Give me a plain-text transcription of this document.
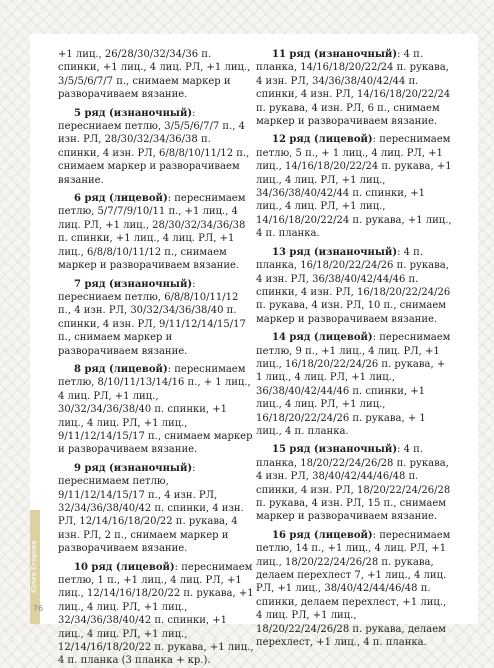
+1 лиц., 26/28/30/32/34/36 п. спинки, +1 лиц., 4 лиц. РЛ, +1 лиц., 3/5/5/6/7/7 п., снимаем маркер и разворачиваем вязание.

5 ряд (изнаночный): пересниаем петлю, 3/5/5/6/7/7 п., 4 изн. РЛ, 28/30/32/34/36/38 п. спинки, 4 изн. РЛ, 6/8/8/10/11/12 п., снимаем маркер и разворачиваем вязание.

6 ряд (лицевой): переснимаем петлю, 5/7/7/9/10/11 п., +1 лиц., 4 лиц. РЛ, +1 лиц., 28/30/32/34/36/38 п. спинки, +1 лиц., 4 лиц. РЛ, +1 лиц., 6/8/8/10/11/12 п., снимаем маркер и разворачиваем вязание.

7 ряд (изнаночный): пересниаем петлю, 6/8/8/10/11/12 п., 4 изн. РЛ, 30/32/34/36/38/40 п. спинки, 4 изн. РЛ, 9/11/12/14/15/17 п., снимаем маркер и разворачиваем вязание.

8 ряд (лицевой): переснимаем петлю, 8/10/11/13/14/16 п., + 1 лиц., 4 лиц. РЛ, +1 лиц., 30/32/34/36/38/40 п. спинки, +1 лиц., 4 лиц. РЛ, +1 лиц., 9/11/12/14/15/17 п., снимаем маркер и разворачиваем вязание.

9 ряд (изнаночный): переснимаем петлю, 9/11/12/14/15/17 п., 4 изн. РЛ, 32/34/36/38/40/42 п. спинки, 4 изн. РЛ, 12/14/16/18/20/22 п. рукава, 4 изн. РЛ, 2 п., снимаем маркер и разворачиваем вязание.

10 ряд (лицевой): переснимаем петлю, 1 п., +1 лиц., 4 лиц. РЛ, +1 лиц., 12/14/16/18/20/22 п. рукава, +1 лиц., 4 лиц. РЛ, +1 лиц., 32/34/36/38/40/42 п. спинки, +1 лиц., 4 лиц. РЛ, +1 лиц., 12/14/16/18/20/22 п. рукава, +1 лиц., 4 п. планка (3 планка + кр.).

11 ряд (изнаночный): 4 п. планка, 14/16/18/20/22/24 п. рукава, 4 изн. РЛ, 34/36/38/40/42/44 п. спинки, 4 изн. РЛ, 14/16/18/20/22/24 п. рукава, 4 изн. РЛ, 6 п., снимаем маркер и разворачиваем вязание.

12 ряд (лицевой): переснимаем петлю, 5 п., + 1 лиц., 4 лиц. РЛ, +1 лиц., 14/16/18/20/22/24 п. рукава, +1 лиц., 4 лиц. РЛ, +1 лиц., 34/36/38/40/42/44 п. спинки, +1 лиц., 4 лиц. РЛ, +1 лиц., 14/16/18/20/22/24 п. рукава, +1 лиц., 4 п. планка.

13 ряд (изнаночный): 4 п. планка, 16/18/20/22/24/26 п. рукава, 4 изн. РЛ, 36/38/40/42/44/46 п. спинки, 4 изн. РЛ, 16/18/20/22/24/26 п. рукава, 4 изн. РЛ, 10 п., снимаем маркер и разворачиваем вязание.

14 ряд (лицевой): переснимаем петлю, 9 п., +1 лиц., 4 лиц. РЛ, +1 лиц., 16/18/20/22/24/26 п. рукава, + 1 лиц., 4 лиц. РЛ, +1 лиц., 36/38/40/42/44/46 п. спинки, +1 лиц., 4 лиц. РЛ, +1 лиц., 16/18/20/22/24/26 п. рукава, + 1 лиц., 4 п. планка.

15 ряд (изнаночный): 4 п. планка, 18/20/22/24/26/28 п. рукава, 4 изн. РЛ, 38/40/42/44/46/48 п. спинки, 4 изн. РЛ, 18/20/22/24/26/28 п. рукава, 4 изн. РЛ, 15 п., снимаем маркер и разворачиваем вязание.

16 ряд (лицевой): переснимаем петлю, 14 п., +1 лиц., 4 лиц. РЛ, +1 лиц., 18/20/22/24/26/28 п. рукава, делаем перехлест 7, +1 лиц., 4 лиц. РЛ, +1 лиц., 38/40/42/44/46/48 п. спинки, делаем перехлест, +1 лиц., 4 лиц. РЛ, +1 лиц., 18/20/22/24/26/28 п. рукава, делаем перехлест, +1 лиц., 4 п. планка.

Юлия Егорова
76
